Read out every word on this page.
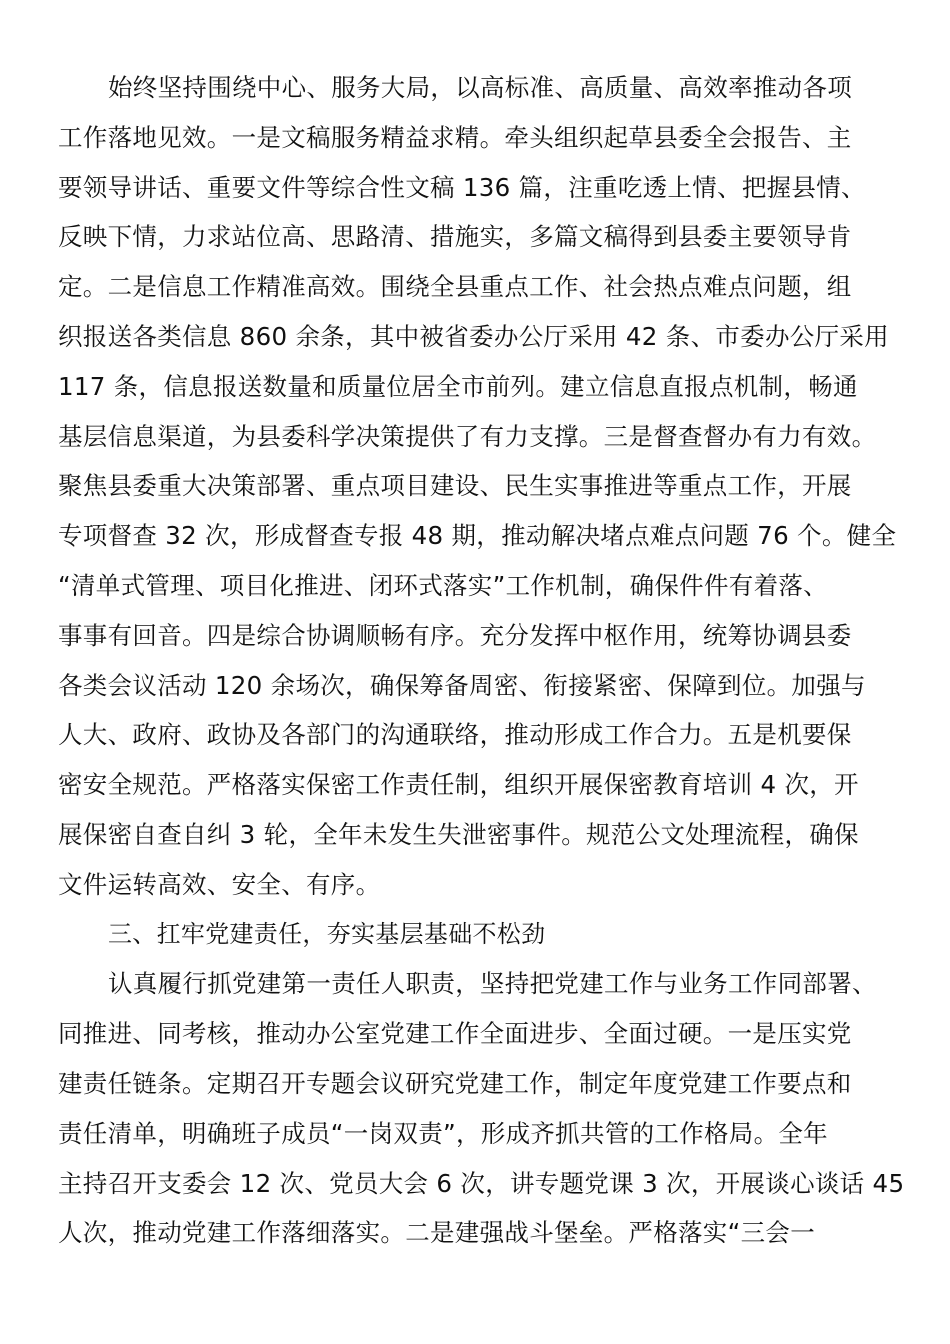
始终坚持围绕中心、服务大局，以高标准、高质量、高效率推动各项
工作落地见效。一是文稿服务精益求精。牵头组织起草县委全会报告、主
要领导讲话、重要文件等综合性文稿 136 篇，注重吃透上情、把握县情、
反映下情，力求站位高、思路清、措施实，多篇文稿得到县委主要领导肯
定。二是信息工作精准高效。围绕全县重点工作、社会热点难点问题，组
织报送各类信息 860 余条，其中被省委办公厅采用 42 条、市委办公厅采用
117 条，信息报送数量和质量位居全市前列。建立信息直报点机制，畅通
基层信息渠道，为县委科学决策提供了有力支撑。三是督查督办有力有效。
聚焦县委重大决策部署、重点项目建设、民生实事推进等重点工作，开展
专项督查 32 次，形成督查专报 48 期，推动解决堵点难点问题 76 个。健全
“清单式管理、项目化推进、闭环式落实”工作机制，确保件件有着落、
事事有回音。四是综合协调顺畅有序。充分发挥中枢作用，统筹协调县委
各类会议活动 120 余场次，确保筹备周密、衔接紧密、保障到位。加强与
人大、政府、政协及各部门的沟通联络，推动形成工作合力。五是机要保
密安全规范。严格落实保密工作责任制，组织开展保密教育培训 4 次，开
展保密自查自纠 3 轮，全年未发生失泄密事件。规范公文处理流程，确保
文件运转高效、安全、有序。
三、扛牢党建责任，夯实基层基础不松劲
认真履行抓党建第一责任人职责，坚持把党建工作与业务工作同部署、
同推进、同考核，推动办公室党建工作全面进步、全面过硬。一是压实党
建责任链条。定期召开专题会议研究党建工作，制定年度党建工作要点和
责任清单，明确班子成员“一岗双责”，形成齐抓共管的工作格局。全年
主持召开支委会 12 次、党员大会 6 次，讲专题党课 3 次，开展谈心谈话 45
人次，推动党建工作落细落实。二是建强战斗堡垒。严格落实“三会一
